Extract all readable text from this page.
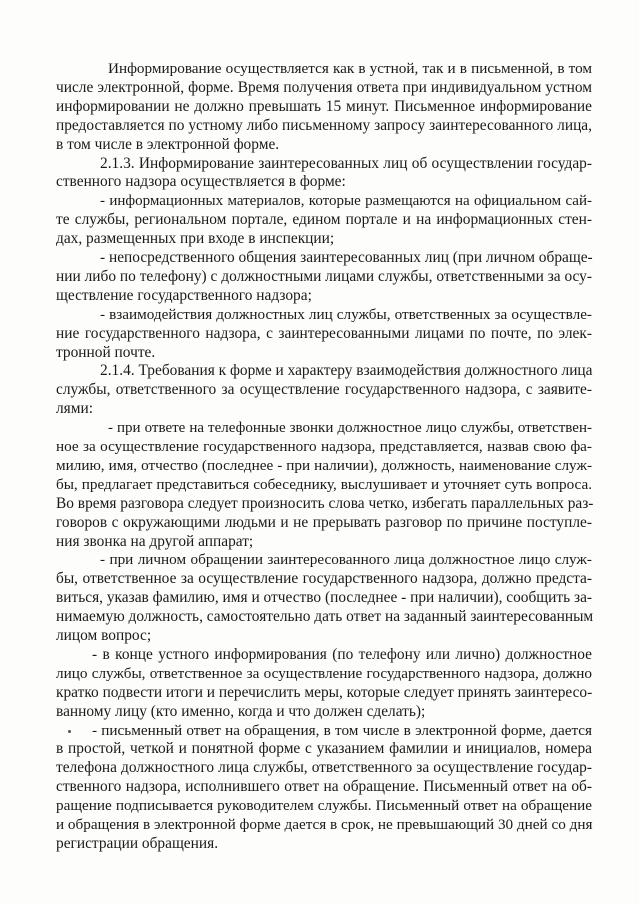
Информирование осуществляется как в устной, так и в письменной, в том

числе электронной, форме. Время получения ответа при индивидуальном устном

информировании не должно превышать 15 минут. Письменное информирование

предоставляется по устному либо письменному запросу заинтересованного лица,

в том числе в электронной форме.

2.1.3. Информирование заинтересованных лиц об осуществлении государ-

ственного надзора осуществляется в форме:

- информационных материалов, которые размещаются на официальном сай-

те службы, региональном портале, едином портале и на информационных стен-

дах, размещенных при входе в инспекции;

- непосредственного общения заинтересованных лиц (при личном обраще-

нии либо по телефону) с должностными лицами службы, ответственными за осу-

ществление государственного надзора;

- взаимодействия должностных лиц службы, ответственных за осуществле-

ние государственного надзора, с заинтересованными лицами по почте, по элек-

тронной почте.

2.1.4. Требования к форме и характеру взаимодействия должностного лица

службы, ответственного за осуществление государственного надзора, с заявите-

лями:

- при ответе на телефонные звонки должностное лицо службы, ответствен-

ное за осуществление государственного надзора, представляется, назвав свою фа-

милию, имя, отчество (последнее - при наличии), должность, наименование служ-

бы, предлагает представиться собеседнику, выслушивает и уточняет суть вопроса.

Во время разговора следует произносить слова четко, избегать параллельных раз-

говоров с окружающими людьми и не прерывать разговор по причине поступле-

ния звонка на другой аппарат;

- при личном обращении заинтересованного лица должностное лицо служ-

бы, ответственное за осуществление государственного надзора, должно предста-

виться, указав фамилию, имя и отчество (последнее - при наличии), сообщить за-

нимаемую должность, самостоятельно дать ответ на заданный заинтересованным

лицом вопрос;

- в конце устного информирования (по телефону или лично) должностное

лицо службы, ответственное за осуществление государственного надзора, должно

кратко подвести итоги и перечислить меры, которые следует принять заинтересо-

ванному лицу (кто именно, когда и что должен сделать);

- письменный ответ на обращения, в том числе в электронной форме, дается

в простой, четкой и понятной форме с указанием фамилии и инициалов, номера

телефона должностного лица службы, ответственного за осуществление государ-

ственного надзора, исполнившего ответ на обращение. Письменный ответ на об-

ращение подписывается руководителем службы. Письменный ответ на обращение

и обращения в электронной форме дается в срок, не превышающий 30 дней со дня

регистрации обращения.
